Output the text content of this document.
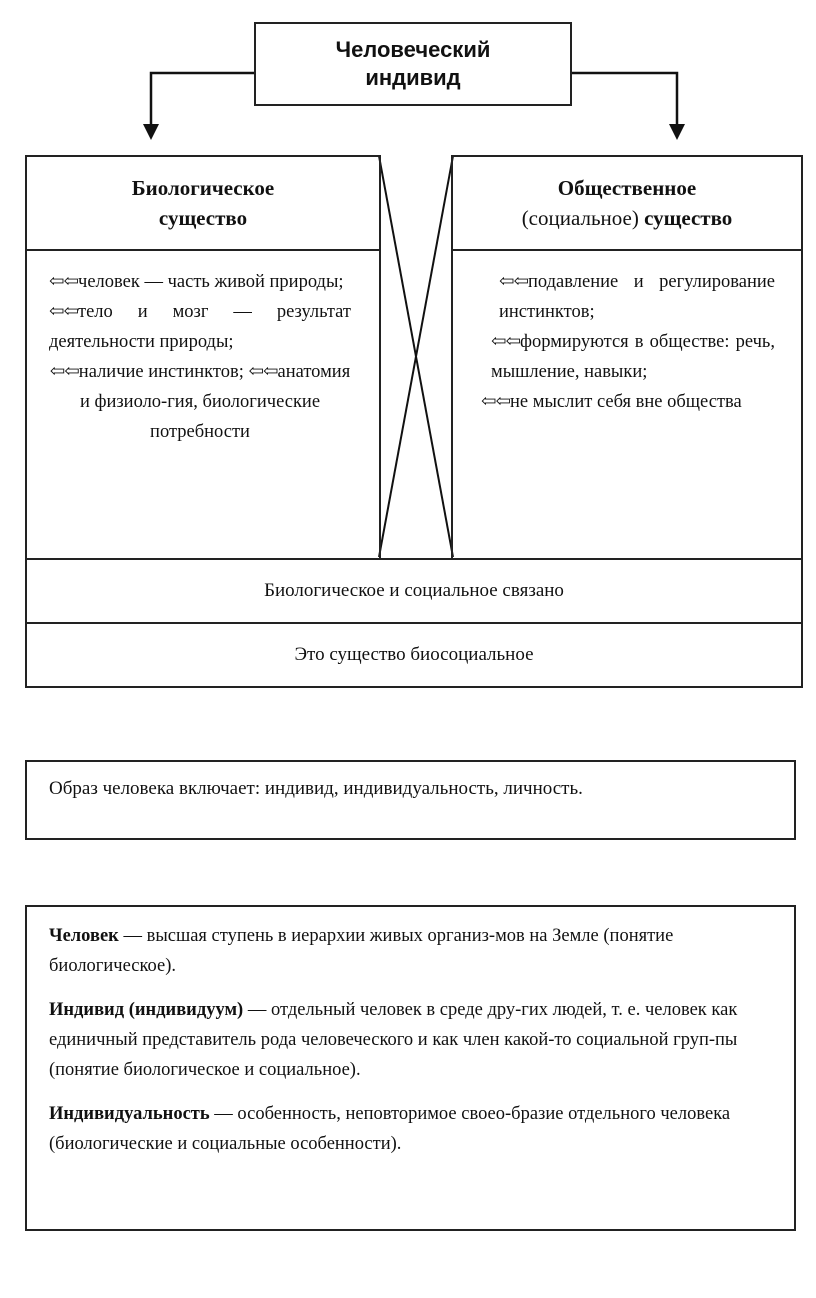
Человеческий
индивид
Биологическое
существо

⇦⇦человек — часть живой природы;

⇦⇦тело и мозг — результат деятельности природы;

⇦⇦наличие инстинктов; ⇦⇦анатомия и физиоло-гия, биологические потребности

Общественное
(социальное) существо

⇦⇦подавление и регулирование инстинктов;

⇦⇦формируются в обществе: речь, мышление, навыки;

⇦⇦не мыслит себя вне общества

Биологическое и социальное связано
Это существо биосоциальное
Образ человека включает: индивид, индивидуальность, личность.

Человек — высшая ступень в иерархии живых организ-мов на Земле (понятие биологическое).

Индивид (индивидуум) — отдельный человек в среде дру-гих людей, т. е. человек как единичный представитель рода человеческого и как член какой-то социальной груп-пы (понятие биологическое и социальное).

Индивидуальность — особенность, неповторимое своео-бразие отдельного человека (биологические и социальные особенности).
